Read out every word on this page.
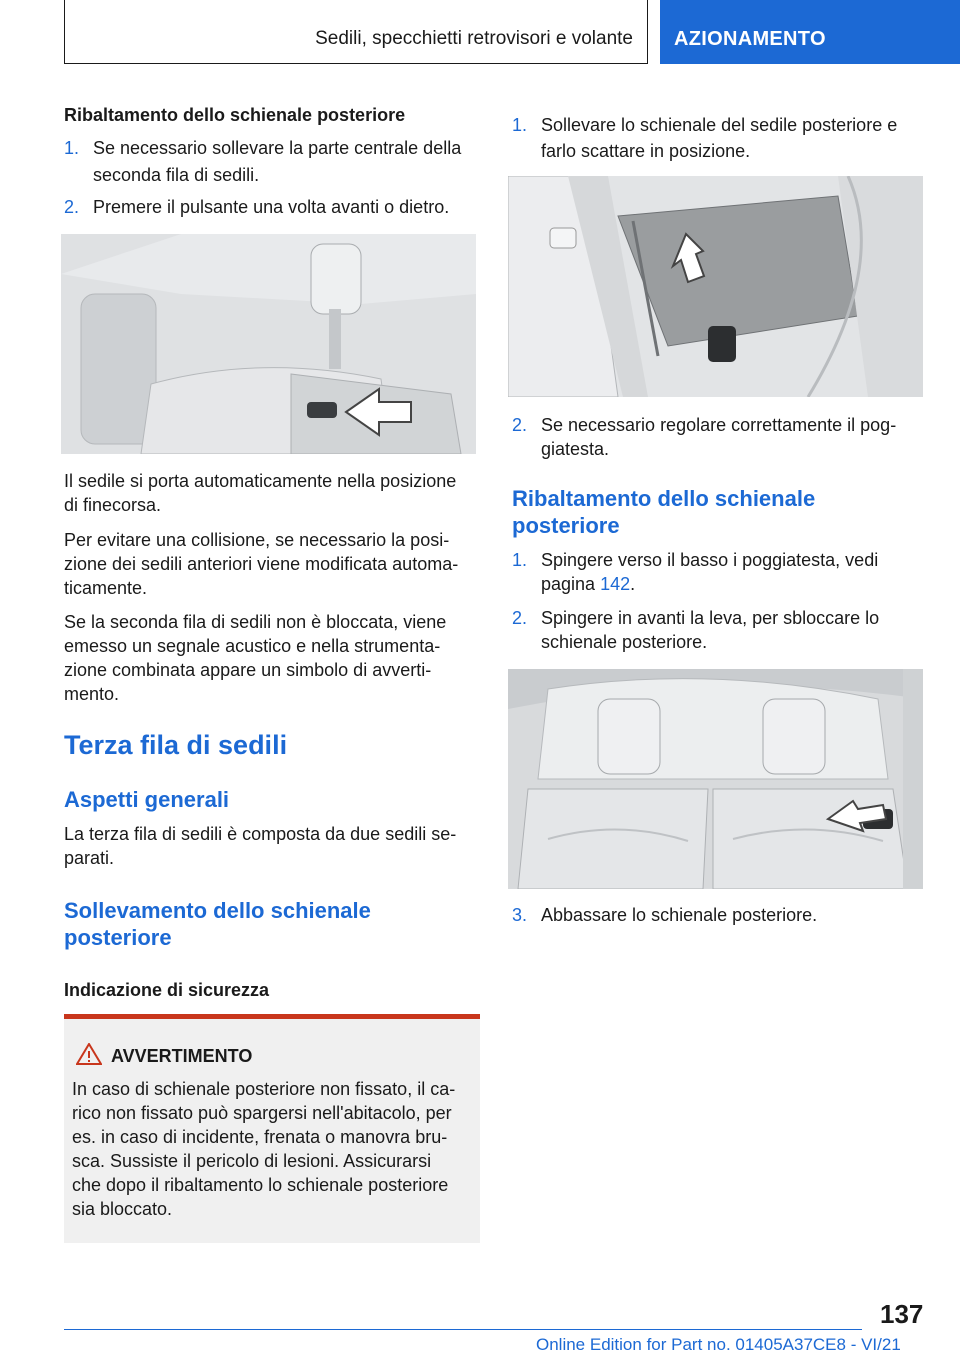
Sedili, specchietti retrovisori e volante AZIONAMENTO
Ribaltamento dello schienale posteriore
1. Se necessario sollevare la parte centrale della
seconda fila di sedili.
2. Premere il pulsante una volta avanti o dietro.
Il sedile si porta automaticamente nella posizione
di finecorsa.
Per evitare una collisione, se necessario la posi-
zione dei sedili anteriori viene modificata automa-
ticamente.
Se la seconda fila di sedili non è bloccata, viene
emesso un segnale acustico e nella strumenta-
zione combinata appare un simbolo di avverti-
mento.
Terza fila di sedili
Aspetti generali
La terza fila di sedili è composta da due sedili se-
parati.
Sollevamento dello schienale
posteriore
Indicazione di sicurezza
AVVERTIMENTO
In caso di schienale posteriore non fissato, il ca-
rico non fissato può spargersi nell'abitacolo, per
es. in caso di incidente, frenata o manovra bru-
sca. Sussiste il pericolo di lesioni. Assicurarsi
che dopo il ribaltamento lo schienale posteriore
sia bloccato.
1. Sollevare lo schienale del sedile posteriore e
farlo scattare in posizione.
2. Se necessario regolare correttamente il pog-
giatesta.
Ribaltamento dello schienale
posteriore
1. Spingere verso il basso i poggiatesta, vedi
pagina 142.
2. Spingere in avanti la leva, per sbloccare lo
schienale posteriore.
3. Abbassare lo schienale posteriore.
137
Online Edition for Part no. 01405A37CE8 - VI/21
